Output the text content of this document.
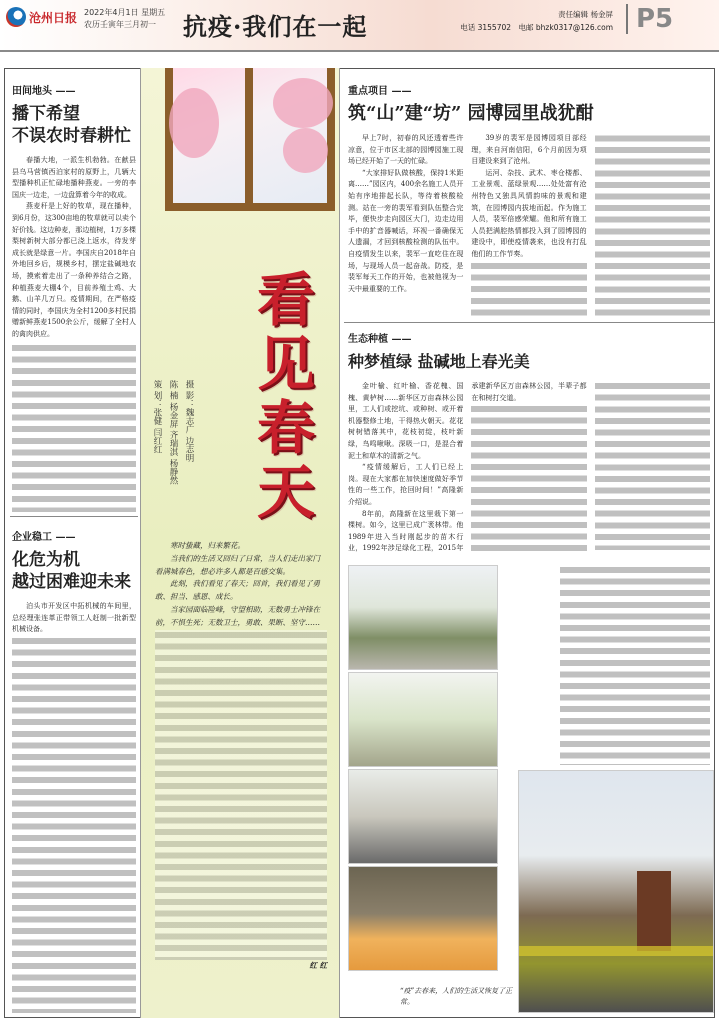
沧州日报 2022年4月1日 星期五
农历壬寅年三月初一	抗疫·我们在一起	责任编辑 杨金屏
电话 3155702　 电邮 bhzk0317@126.com P5
田间地头 ——
播下希望
不误农时春耕忙

春播大地，一派生机勃勃。在献县县乌马营镇西泊家村的原野上，几辆大型播种机正忙碌地播种燕麦。一旁的李国庆一边走，一边盘算着今年的收成。

燕麦秆是上好的牧草，现在播种，到6月份，这300亩地的牧草就可以卖个好价钱。这边种麦，那边植树，1万多棵梨树新树大部分都已浇上返水，待发芽成长就是绿意一片。李国庆自2018年自外地回乡后，规模乡村，摆定盐碱地农场，摸索着走出了一条种养结合之路，种植燕麦大棚4个，目前养殖土鸡、大鹅、山羊几万只。疫情期间，在严格疫情的同时，李国庆为全村1200多村民捐赠新鲜燕麦1500余公斤，缓解了全村人的禽肉供应。

企业稳工 ——
化危为机
越过困难迎未来

泊头市开发区中拓机械的车间里，总经理张连革正带领工人赶制一批新型机械设备。

看
见
春
天
摄 影：魏志广 边志明
陈 楠 杨金屏 齐瑞淇 杨静然
策 划：张健 闫红红

寒时蛰藏，归来繁花。

当我们的生活又回归了日常，当人们走出家门看满城春色，想必许多人都是百感交集。

此刻，我们看见了春天；回首，我们看见了勇敢、担当、感恩、成长。

当家园面临险峰，守望相助，无数勇士冲锋在前，不惧生死；无数卫士，勇敢、果断、坚守……

红 红
重点项目 ——
筑“山”建“坊” 园博园里战犹酣

早上7时，初春的风还透着些许凉意，位于市区北部的园博园施工现场已经开始了一天的忙碌。

“大家排好队做核酸，保持1米距离……”园区内，400余名施工人员开始有序地排起长队，等待着核酸检测。站在一旁的裴军看到队伍整合完毕，便快步走向园区大门，边走边用手中的扩音器喊话，环视一番确保无人遗漏，才回到核酸检测的队伍中。自疫情发生以来，裴军一直吃住在现场，与现场人员一起奋战。防疫，是裴军每天工作的开始，也被他视为一天中最重要的工作。

39岁的裴军是园博园项目部经理，来自河南信阳，6个月前因为项目建设来到了沧州。

运河、杂技、武术、枣仓楼都、工业景观、蓝绿景观……处处富有沧州特色又独具风情韵味的景观和建筑，在园博园内拔地而起。作为施工人员，裴军倍感荣耀。他和所有施工人员把满腔热情都投入到了园博园的建设中，即使疫情袭来，也没有打乱他们的工作节奏。

生态种植 ——
种梦植绿 盐碱地上春光美

金叶榆、红叶榆、香花槐、国槐、黄栌树……新华区万亩森林公园里，工人们或挖坑、或种树、或开着机器整修土地，干得热火朝天。花花树树错落其中，花枝初绽，枝叶新绿，鸟鸣啾啾。深吸一口，是混合着泥土和草木的清新之气。

“疫情缓解后，工人们已经上岗。现在大家都在加快速度做好季节性的一些工作，抢回时间！”高隆新介绍说。

8年前，高隆新在这里栽下第一棵树。如今，这里已成广袤林带。他1989年进入当时刚起步的苗木行业，1992年涉足绿化工程，2015年承建新华区万亩森林公园，半辈子都在和树打交道。

“疫”去春来，人们的生活又恢复了正常。
